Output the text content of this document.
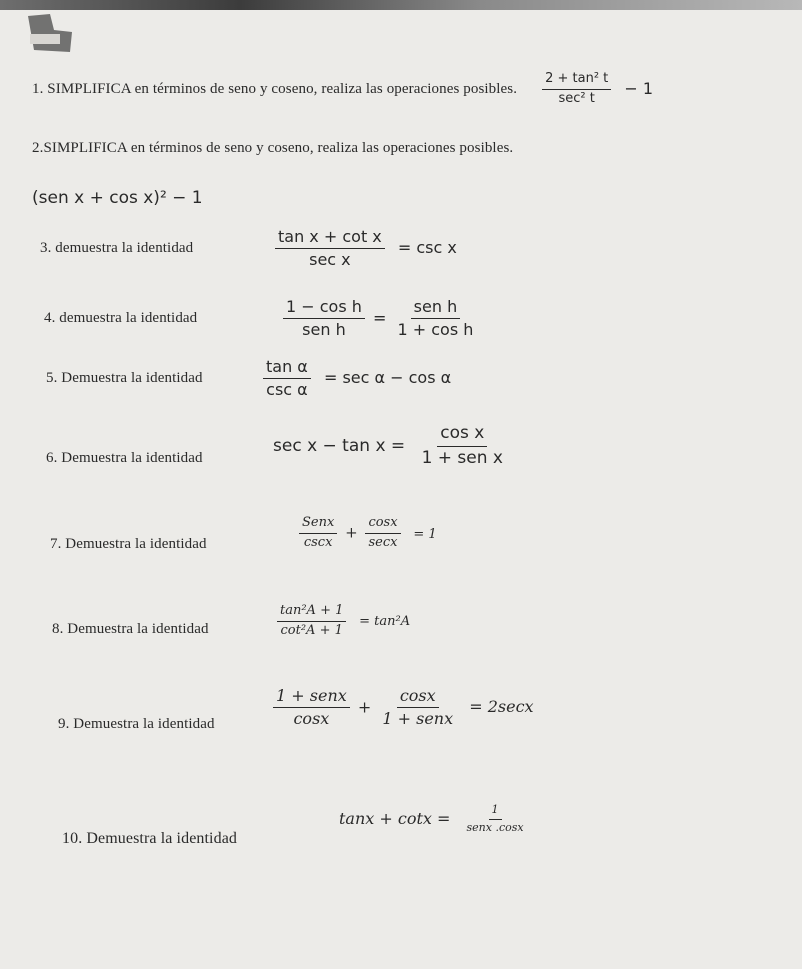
1. SIMPLIFICA en términos de seno y coseno, realiza las operaciones posibles. $\frac{\text{2 + tan² t}}{\text{sec² t}} - 1$
2.SIMPLIFICA en términos de seno y coseno, realiza las operaciones posibles.
(sen x + cos x)² − 1
3. demuestra la identidad	$\frac{\text{tan x + cot x}}{\text{sec x}} = \csc x$
4. demuestra la identidad	$\frac{\text{1 − cos h}}{\text{sen h}} = \frac{\text{sen h}}{\text{1 + cos h}}$
5. Demuestra la identidad	$\frac{\text{tan α}}{\text{csc α}} = \sec \alpha - \cos \alpha$
6. Demuestra la identidad
$\sec x - \tan x = \frac{\text{cos x}}{\text{1 + sen x}}$
7. Demuestra la identidad	$\frac{\text{Senx}}{\csc x} + \frac{\cos x}{\sec x} = 1$
8. Demuestra la identidad	$\frac{\text{tan²A + 1}}{\text{cot²A + 1}} = \tan^2A$
9. Demuestra la identidad	$\frac{\text{1 + senx}}{\cos x} + \frac{\cos x}{\text{1 + senx}} = 2\sec x$
10. Demuestra la identidad
$\tan x + \cot x = \frac{1}{\text{senx .cosx}}$
